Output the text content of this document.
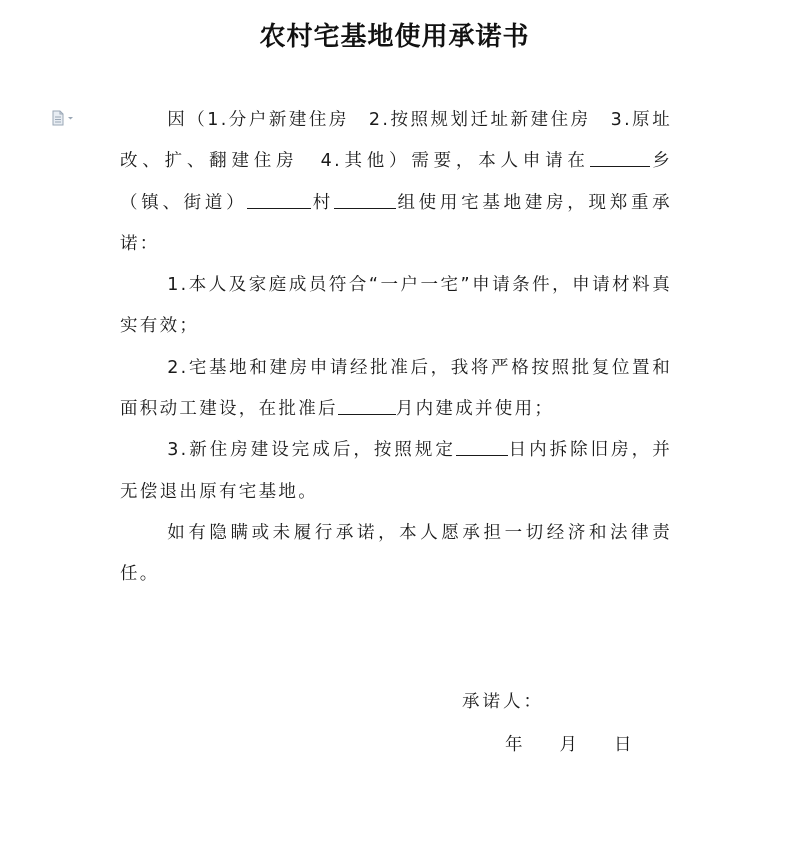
农村宅基地使用承诺书

因（1.分户新建住房　2.按照规划迁址新建住房　3.原址改、扩、翻建住房　4.其他）需要，本人申请在	乡（镇、街道）	村	组使用宅基地建房，现郑重承诺：

1.本人及家庭成员符合“一户一宅”申请条件，申请材料真实有效；

2.宅基地和建房申请经批准后，我将严格按照批复位置和面积动工建设，在批准后	月内建成并使用；

3.新住房建设完成后，按照规定	日内拆除旧房，并无偿退出原有宅基地。

如有隐瞒或未履行承诺，本人愿承担一切经济和法律责任。

承诺人：
年 月 日
